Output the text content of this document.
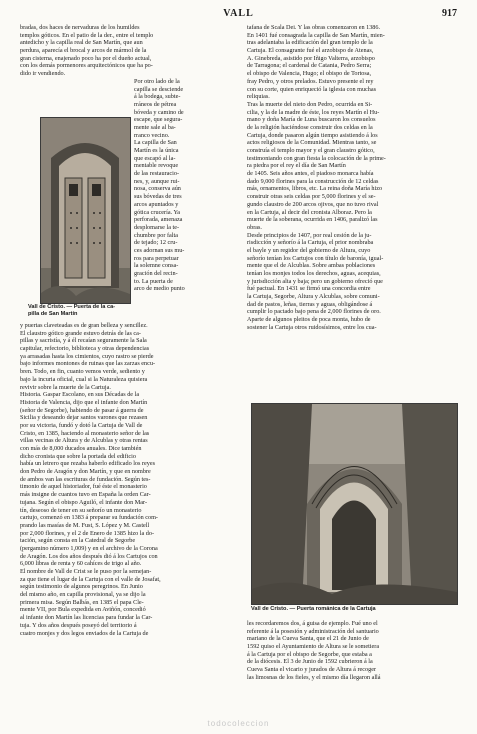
VALL	917
bradas, dos haces de nervaduras de los humildes
templos góticos. En el patio de la der., entre el templo
antedicho y la capilla real de San Martín, que aun
perdura, aparecía el brocal y arcos de mármol de la
gran cisterna, enajenado poco ha por el dueño actual,
con los demás pormenores arquitectónicos que ha po-
dido ir vendiendo.
Por otro lado de la
capilla se desciende
á la bodega, subte-
rráneos de pétrea
bóveda y camino de
escape, que segura-
mente sale al ba-
rranco vecino.
La capilla de San
Martín es la única
que escapó al la-
mentable revoque
de las restauracio-
nes, y, aunque rui-
nosa, conserva aún
sus bóvedas de tres
arcos apuntados y
gótica crucería. Ya
perforada, amenaza
desplomarse la te-
chumbre por falta
de tejado; 12 cru-
ces adornan sus mu-
ros para perpetuar
la solemne consa-
gración del recin-
to. La puerta de
arco de medio punto
Vall de Cristo. — Puerta de la ca-
pilla de San Martín
y puertas claveteadas es de gran belleza y sencillez.
El claustro gótico grande estuvo detrás de las ca-
pillas y sacristía, y á él recaían seguramente la Sala
capitular, refectorio, biblioteca y otras dependencias
ya arrasadas hasta los cimientos, cuyo rastro se pierde
bajo informes montones de ruinas que las zarzas encu-
bren. Todo, en fin, cuanto vemos verde, sediento y
bajo la incuria oficial, cual si la Naturaleza quisiera
revivir sobre la muerte de la Cartuja.
Historia. Gaspar Escolano, en sus Décadas de la
Historia de Valencia, dijo que el infante don Martín
(señor de Segorbe), habiendo de pasar á guerra de
Sicilia y deseando dejar santos varones que rezasen
por su victoria, fundó y dotó la Cartuja de Vall de
Cristo, en 1385, haciendo al monasterio señor de las
villas vecinas de Altura y de Alcublas y otras rentas
con más de 8,000 ducados anuales. Dice también
dicho cronista que sobre la portada del edificio
había un letrero que rezaba haberlo edificado los reyes
don Pedro de Aragón y don Martín, y que en nombre
de ambos van las escrituras de fundación. Según tes-
timonio de aquel historiador, fué éste el monasterio
más insigne de cuantos tuvo en España la orden Car-
tujana. Según el obispo Aguiló, el infante don Mar-
tín, deseoso de tener en su señorío un monasterio
cartujo, comenzó en 1383 á preparar su fundación com-
prando las masías de M. Fust, S. López y M. Castell
por 2,000 florines, y el 2 de Enero de 1385 hizo la do-
tación, según consta en la Catedral de Segorbe
(pergamino número 1,009) y en el archivo de la Corona
de Aragón. Los dos años después dió á los Cartujos con
6,000 libras de renta y 60 cahíces de trigo al año.
El nombre de Vall de Crist se le puso por la semejan-
za que tiene el lugar de la Cartuja con el valle de Josafat,
según testimonio de algunos peregrinos. En Junio
del mismo año, en capilla provisional, ya se dijo la
primera misa. Según Balbás, en 1385 el papa Cle-
mente VII, por Bula expedida en Aviñón, concedió
al infante don Martín las licencias para fundar la Car-
tuja. Y dos años después poseyó del territorio á
cuatro monjes y dos legos enviados de la Cartuja de
tafana de Scala Dei. Y las obras comenzaron en 1386.
En 1401 fué consagrada la capilla de San Martín, mien-
tras adelantaba la edificación del gran templo de la
Cartuja. El consagrante fué el arzobispo de Atenas,
A. Ginebreda, asistido por Iñigo Valterra, arzobispo
de Tarragona; el cardenal de Catania, Pedro Serra;
el obispo de Valencia, Hugo; el obispo de Tortosa,
fray Pedro, y otros prelados. Estuvo presente el rey
con su corte, quien enriqueció la iglesia con muchas
reliquias.
Tras la muerte del nieto don Pedro, ocurrida en Si-
cilia, y la de la madre de éste, los reyes Martín el Hu-
mano y doña María de Luna buscaron los consuelos
de la religión haciéndose construir dos celdas en la
Cartuja, donde pasaron algún tiempo asistiendo á los
actos religiosos de la Comunidad. Mientras tanto, se
construía el templo mayor y el gran claustro gótico,
testimoniando con gran fiesta la colocación de la prime-
ra piedra por el rey el día de San Martín
de 1405. Seis años antes, el piadoso monarca había
dado 9,000 florines para la construcción de 12 celdas
más, ornamentos, libros, etc. La reina doña María hizo
construir otras seis celdas por 5,000 florines y el se-
gundo claustro de 200 arcos ojivos, que no tuvo rival
en la Cartuja, al decir del cronista Alboraz. Pero la
muerte de la soberana, ocurrida en 1406, paralizó las
obras.
Desde principios de 1407, por real cesión de la ju-
risdicción y señorío á la Cartuja, el prior nombraba
el bayle y un regidor del gobierno de Altura, cuyo
señorío tenían los Cartujos con título de baronía, igual-
mente que el de Alcublas. Sobre ambas poblaciones
tenían los monjes todos los derechos, aguas, acequias,
y jurisdicción alta y baja; pero un gobierno ofreció que
fué pactual. En 1431 se firmó una concordia entre
la Cartuja, Segorbe, Altura y Alcublas, sobre comuni-
dad de pastos, leñas, tierras y aguas, obligándose á
cumplir lo pactado bajo pena de 2,000 florines de oro.
Aparte de algunos pleitos de poca monta, hubo de
sostener la Cartuja otros ruidosísimos, entre los cua-
Vall de Cristo. — Puerta románica de la Cartuja
les recordaremos dos, á guisa de ejemplo. Fué uno el
referente á la posesión y administración del santuario
mariano de la Cueva Santa, que el 21 de Junio de
1592 quiso el Ayuntamiento de Altura se le sometiera
á la Cartuja por el obispo de Segorbe, que estaba a
de la diócesis. El 3 de Junio de 1592 cubrieron á la
Cueva Santa el vicario y jurados de Altura á recoger
las limosnas de los fieles, y el mismo día llegaron allá
todocoleccion
